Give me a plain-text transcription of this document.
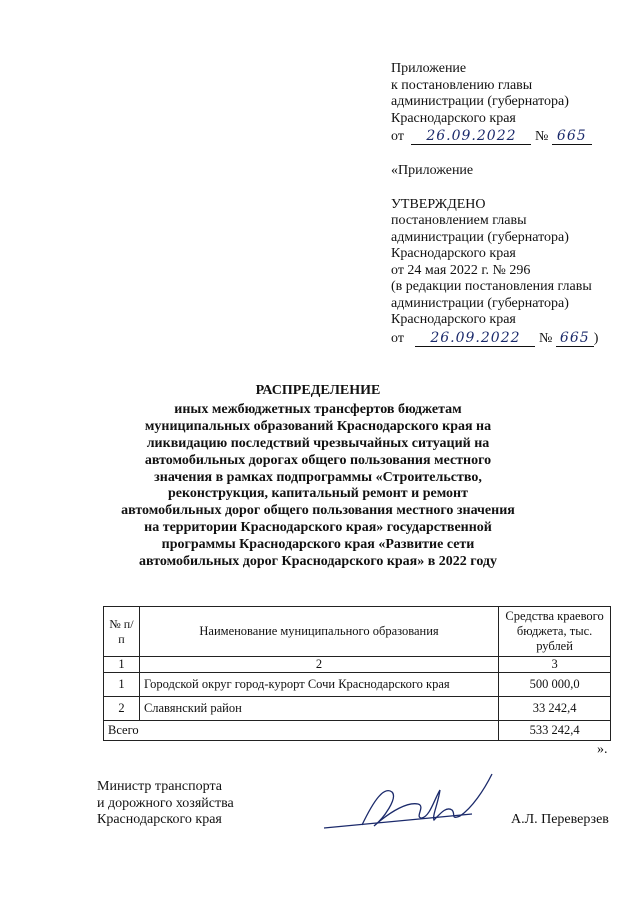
Приложение
к постановлению главы
администрации (губернатора)
Краснодарского края
от 26.09.2022 № 665
«Приложение
УТВЕРЖДЕНО
постановлением главы
администрации (губернатора)
Краснодарского края
от 24 мая 2022 г. № 296
(в редакции постановления главы
администрации (губернатора)
Краснодарского края
от 26.09.2022 № 665 )
РАСПРЕДЕЛЕНИЕ
иных межбюджетных трансфертов бюджетам
муниципальных образований Краснодарского края на
ликвидацию последствий чрезвычайных ситуаций на
автомобильных дорогах общего пользования местного
значения в рамках подпрограммы «Строительство,
реконструкция, капитальный ремонт и ремонт
автомобильных дорог общего пользования местного значения
на территории Краснодарского края» государственной
программы Краснодарского края «Развитие сети
автомобильных дорог Краснодарского края» в 2022 году
№ п/п	Наименование муниципального образования	Средства краевого бюджета, тыс. рублей
1	2	3
1	Городской округ город-курорт Сочи Краснодарского края	500 000,0
2	Славянский район	33 242,4
Всего		533 242,4
».
Министр транспорта
и дорожного хозяйства
Краснодарского края	А.Л. Переверзев
